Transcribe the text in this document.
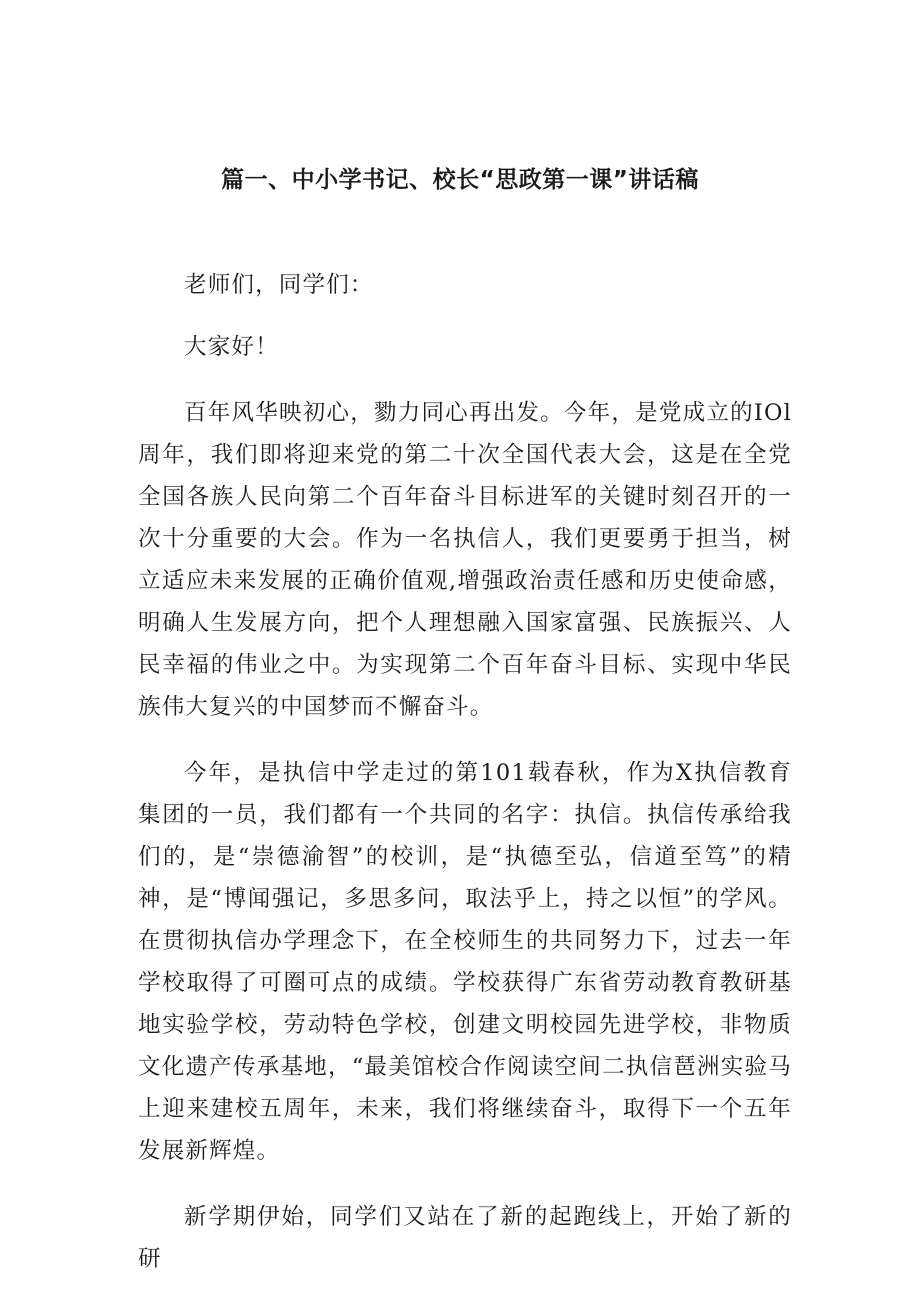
篇一、中小学书记、校长“思政第一课”讲话稿

老师们，同学们：

大家好！

百年风华映初心，勠力同心再出发。今年，是党成立的IOl周年，我们即将迎来党的第二十次全国代表大会，这是在全党全国各族人民向第二个百年奋斗目标进军的关键时刻召开的一次十分重要的大会。作为一名执信人，我们更要勇于担当，树立适应未来发展的正确价值观,增强政治责任感和历史使命感，明确人生发展方向，把个人理想融入国家富强、民族振兴、人民幸福的伟业之中。为实现第二个百年奋斗目标、实现中华民族伟大复兴的中国梦而不懈奋斗。

今年，是执信中学走过的第101载春秋，作为X执信教育集团的一员，我们都有一个共同的名字：执信。执信传承给我们的，是“崇德渝智”的校训，是“执德至弘，信道至笃”的精神，是“博闻强记，多思多问，取法乎上，持之以恒”的学风。在贯彻执信办学理念下，在全校师生的共同努力下，过去一年学校取得了可圈可点的成绩。学校获得广东省劳动教育教研基地实验学校，劳动特色学校，创建文明校园先进学校，非物质文化遗产传承基地，“最美馆校合作阅读空间二执信琶洲实验马上迎来建校五周年，未来，我们将继续奋斗，取得下一个五年发展新辉煌。

新学期伊始，同学们又站在了新的起跑线上，开始了新的研
